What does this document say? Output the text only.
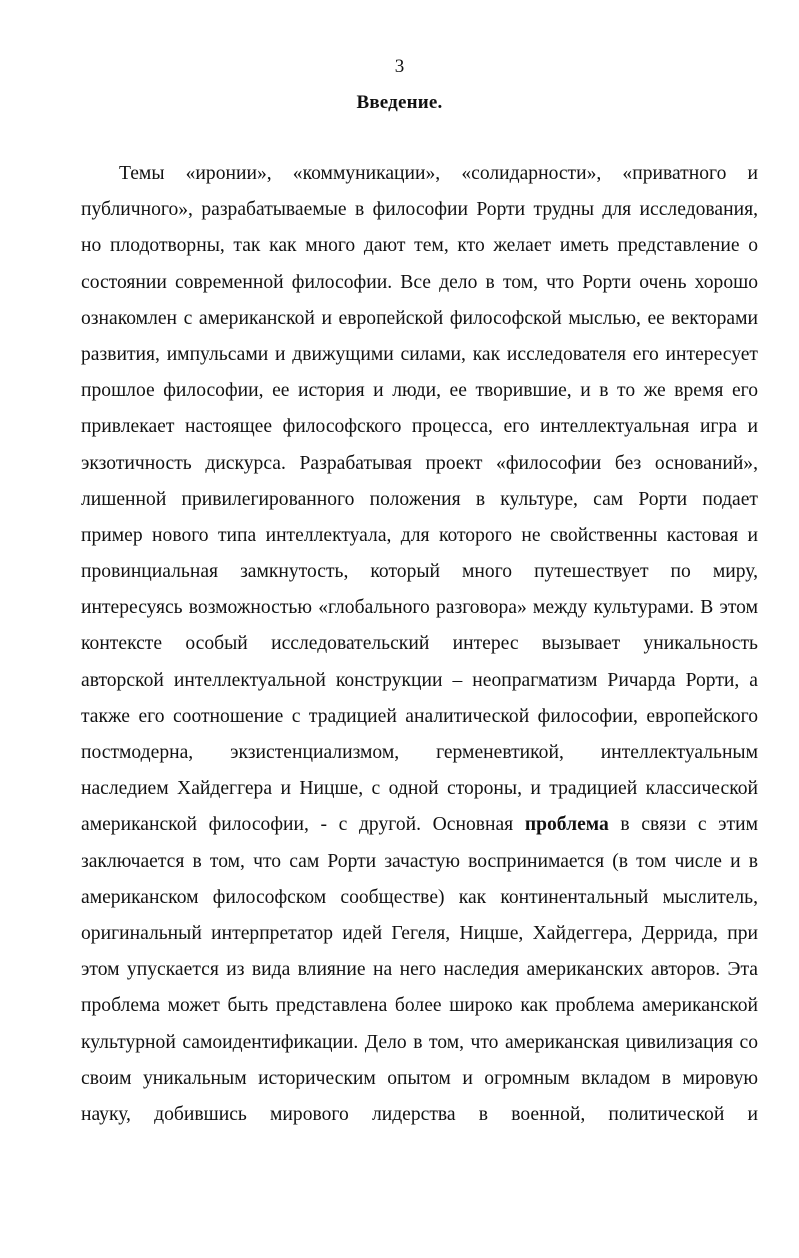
3
Введение.
Темы «иронии», «коммуникации», «солидарности», «приватного и
публичного», разрабатываемые в философии Рорти трудны для исследования,
но плодотворны, так как много дают тем, кто желает иметь представление о
состоянии современной философии. Все дело в том, что Рорти очень хорошо
ознакомлен с американской и европейской философской мыслью, ее векторами
развития, импульсами и движущими силами, как исследователя его интересует
прошлое философии, ее история и люди, ее творившие, и в то же время его
привлекает настоящее философского процесса, его интеллектуальная игра и
экзотичность дискурса. Разрабатывая проект «философии без оснований»,
лишенной привилегированного положения в культуре, сам Рорти подает
пример нового типа интеллектуала, для которого не свойственны кастовая и
провинциальная замкнутость, который много путешествует по миру,
интересуясь возможностью «глобального разговора» между культурами. В этом
контексте особый исследовательский интерес вызывает уникальность
авторской интеллектуальной конструкции – неопрагматизм Ричарда Рорти, а
также его соотношение с традицией аналитической философии, европейского
постмодерна, экзистенциализмом, герменевтикой, интеллектуальным
наследием Хайдеггера и Ницше, с одной стороны, и традицией классической
американской философии, - с другой. Основная проблема в связи с этим
заключается в том, что сам Рорти зачастую воспринимается (в том числе и в
американском философском сообществе) как континентальный мыслитель,
оригинальный интерпретатор идей Гегеля, Ницше, Хайдеггера, Деррида, при
этом упускается из вида влияние на него наследия американских авторов. Эта
проблема может быть представлена более широко как проблема американской
культурной самоидентификации. Дело в том, что американская цивилизация со
своим уникальным историческим опытом и огромным вкладом в мировую
науку, добившись мирового лидерства в военной, политической и
